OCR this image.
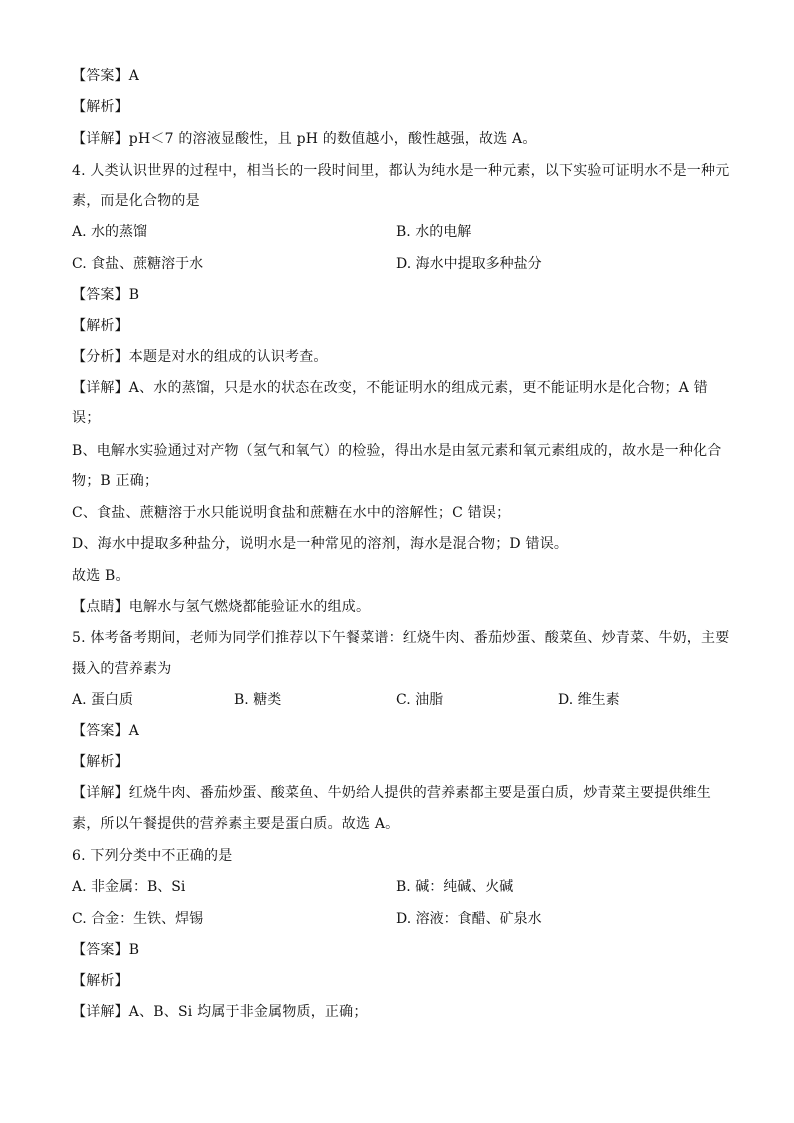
【答案】A
【解析】
【详解】pH＜7 的溶液显酸性，且 pH 的数值越小，酸性越强，故选 A。
4. 人类认识世界的过程中，相当长的一段时间里，都认为纯水是一种元素，以下实验可证明水不是一种元
素，而是化合物的是
A. 水的蒸馏	B. 水的电解
C. 食盐、蔗糖溶于水	D. 海水中提取多种盐分
【答案】B
【解析】
【分析】本题是对水的组成的认识考查。
【详解】A、水的蒸馏，只是水的状态在改变，不能证明水的组成元素，更不能证明水是化合物；A 错
误；
B、电解水实验通过对产物（氢气和氧气）的检验，得出水是由氢元素和氧元素组成的，故水是一种化合
物；B 正确；
C、食盐、蔗糖溶于水只能说明食盐和蔗糖在水中的溶解性；C 错误；
D、海水中提取多种盐分，说明水是一种常见的溶剂，海水是混合物；D 错误。
故选 B。
【点睛】电解水与氢气燃烧都能验证水的组成。
5. 体考备考期间，老师为同学们推荐以下午餐菜谱：红烧牛肉、番茄炒蛋、酸菜鱼、炒青菜、牛奶，主要
摄入的营养素为
A. 蛋白质	B. 糖类	C. 油脂	D. 维生素
【答案】A
【解析】
【详解】红烧牛肉、番茄炒蛋、酸菜鱼、牛奶给人提供的营养素都主要是蛋白质，炒青菜主要提供维生
素，所以午餐提供的营养素主要是蛋白质。故选 A。
6. 下列分类中不正确的是
A. 非金属：B、Si	B. 碱：纯碱、火碱
C. 合金：生铁、焊锡	D. 溶液：食醋、矿泉水
【答案】B
【解析】
【详解】A、B、Si 均属于非金属物质，正确；
